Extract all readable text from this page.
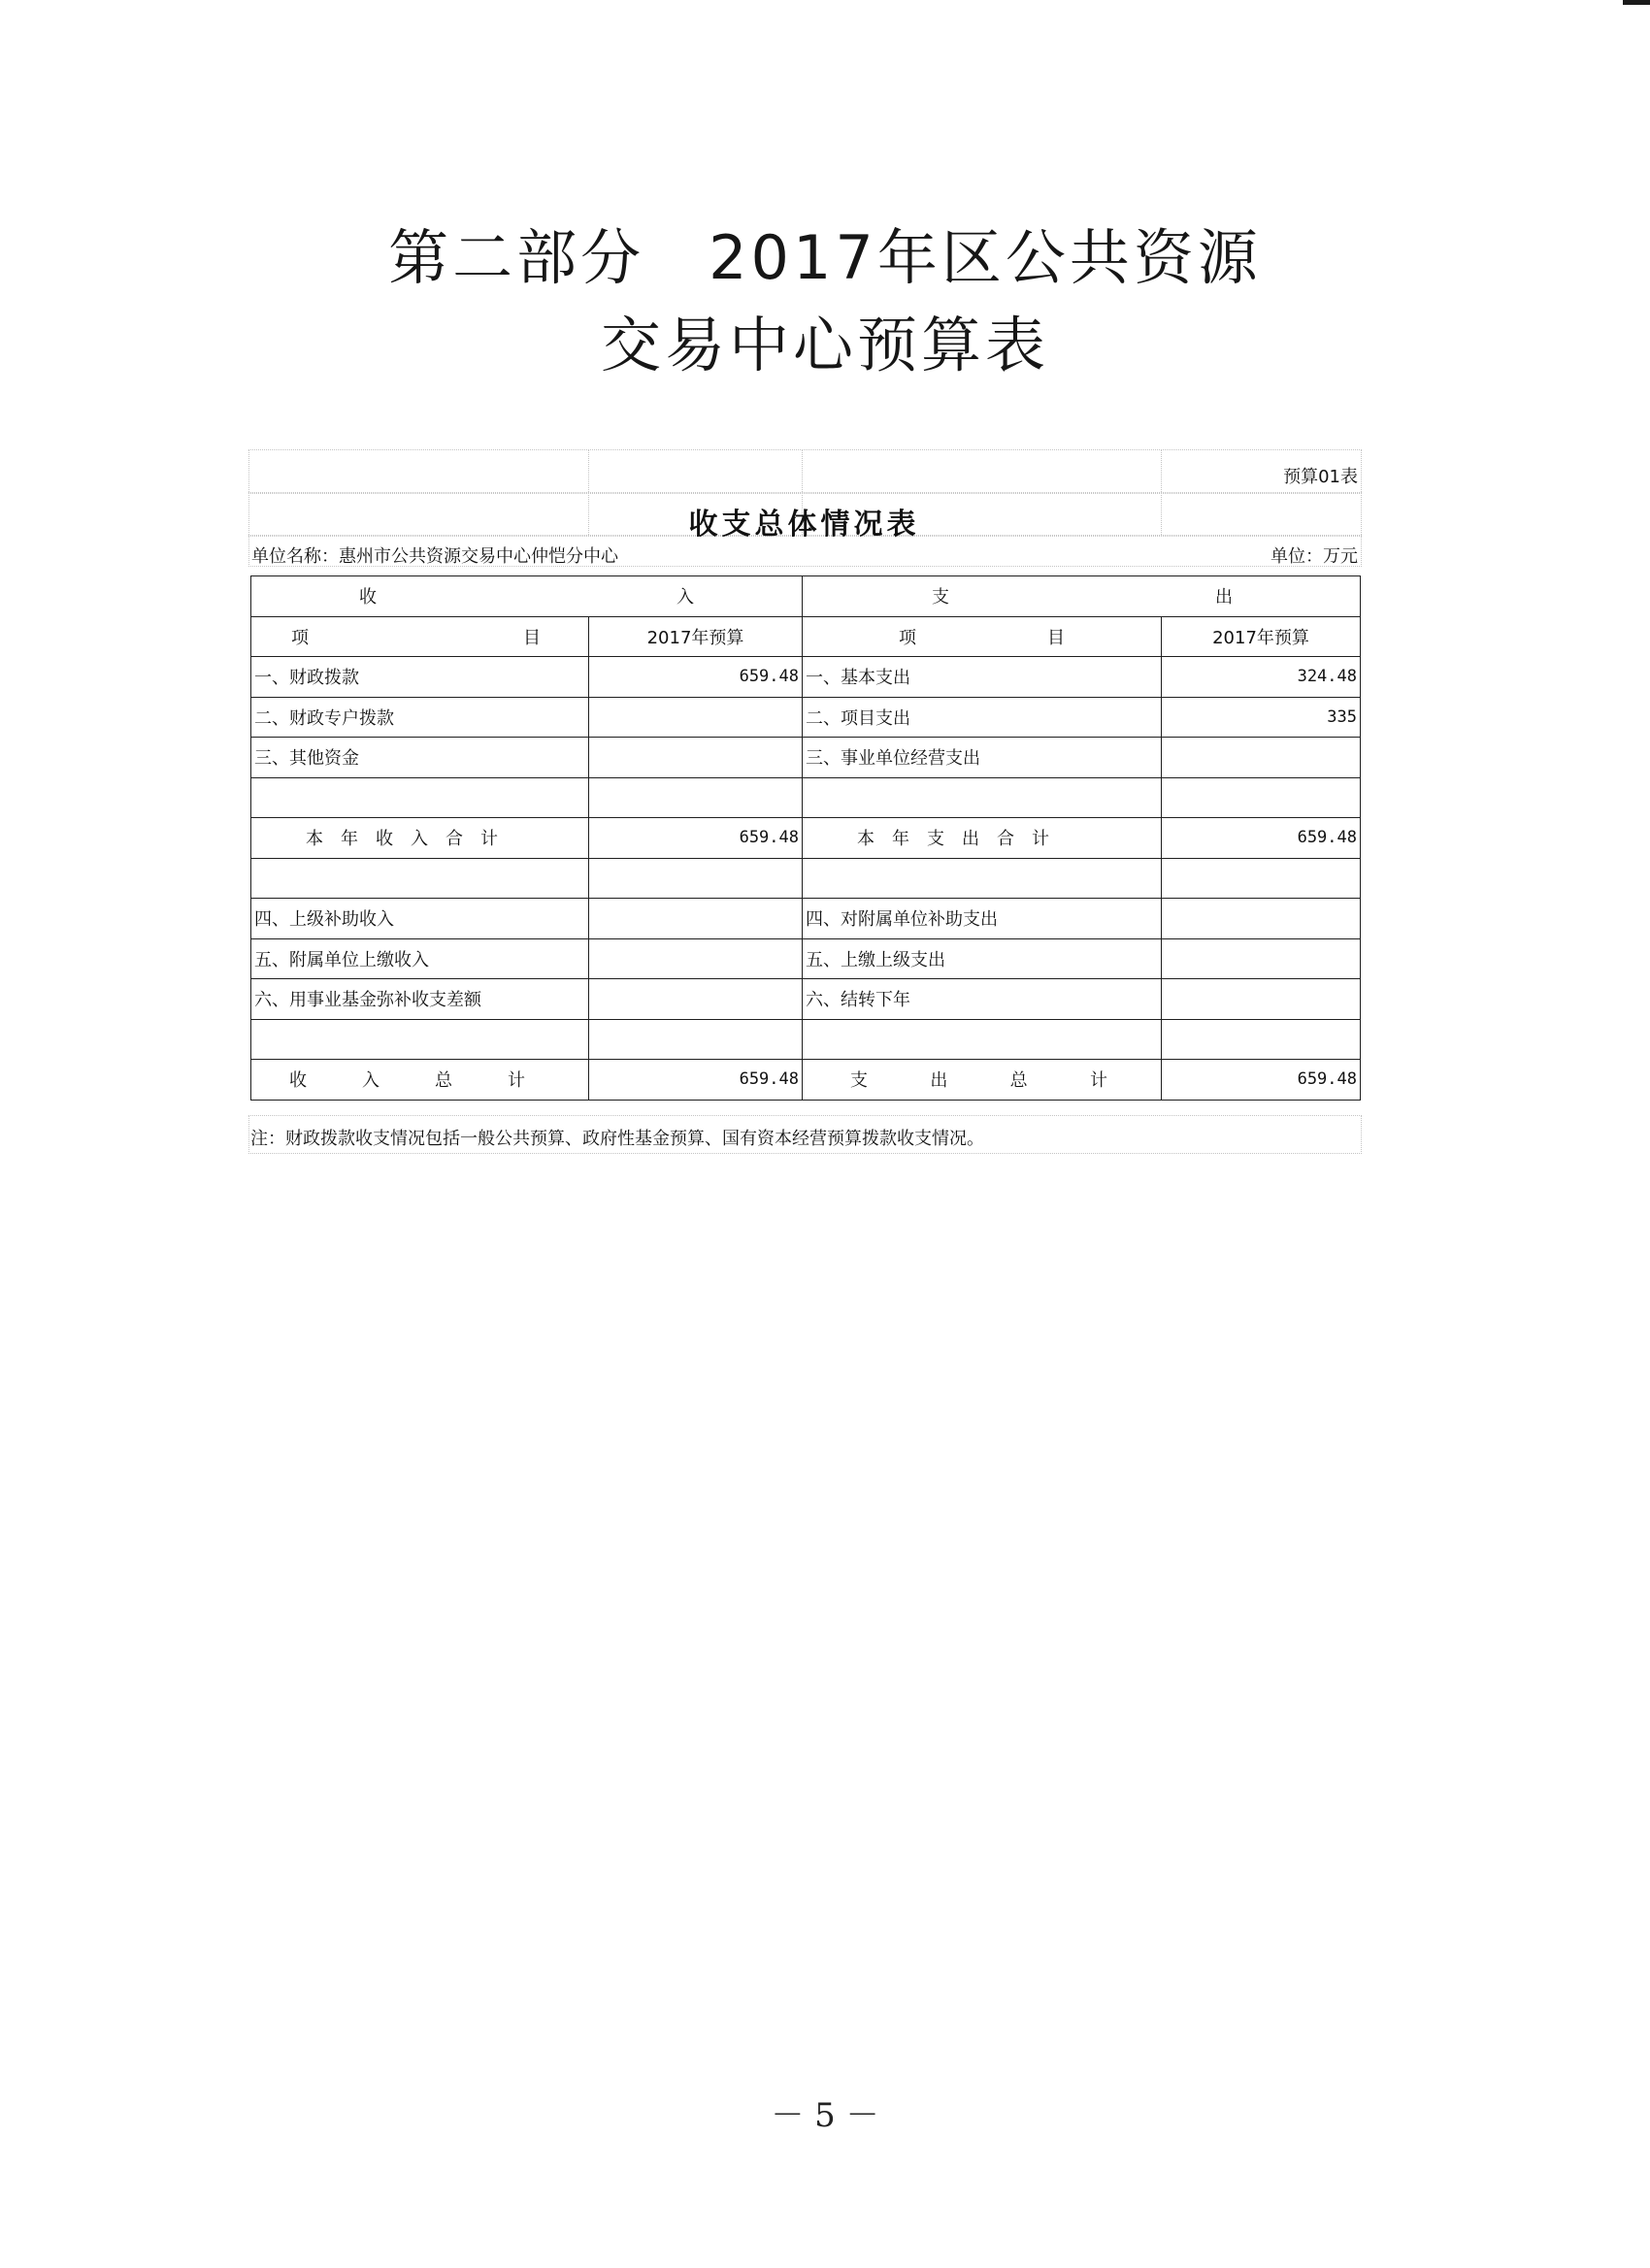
第二部分　2017年区公共资源
交易中心预算表
预算01表
收支总体情况表
单位名称：惠州市公共资源交易中心仲恺分中心	单位：万元
收 入		支 出	

项 目	2017年预算	项 目	2017年预算
一、财政拨款	659.48	一、基本支出	324.48
二、财政专户拨款		二、项目支出	335
三、其他资金		三、事业单位经营支出	

本年收入合计	659.48	本年支出合计	659.48

四、上级补助收入		四、对附属单位补助支出	
五、附属单位上缴收入		五、上缴上级支出	
六、用事业基金弥补收支差额		六、结转下年	

收 入 总 计	659.48	支 出 总 计	659.48
注：财政拨款收支情况包括一般公共预算、政府性基金预算、国有资本经营预算拨款收支情况。
－ 5 －
